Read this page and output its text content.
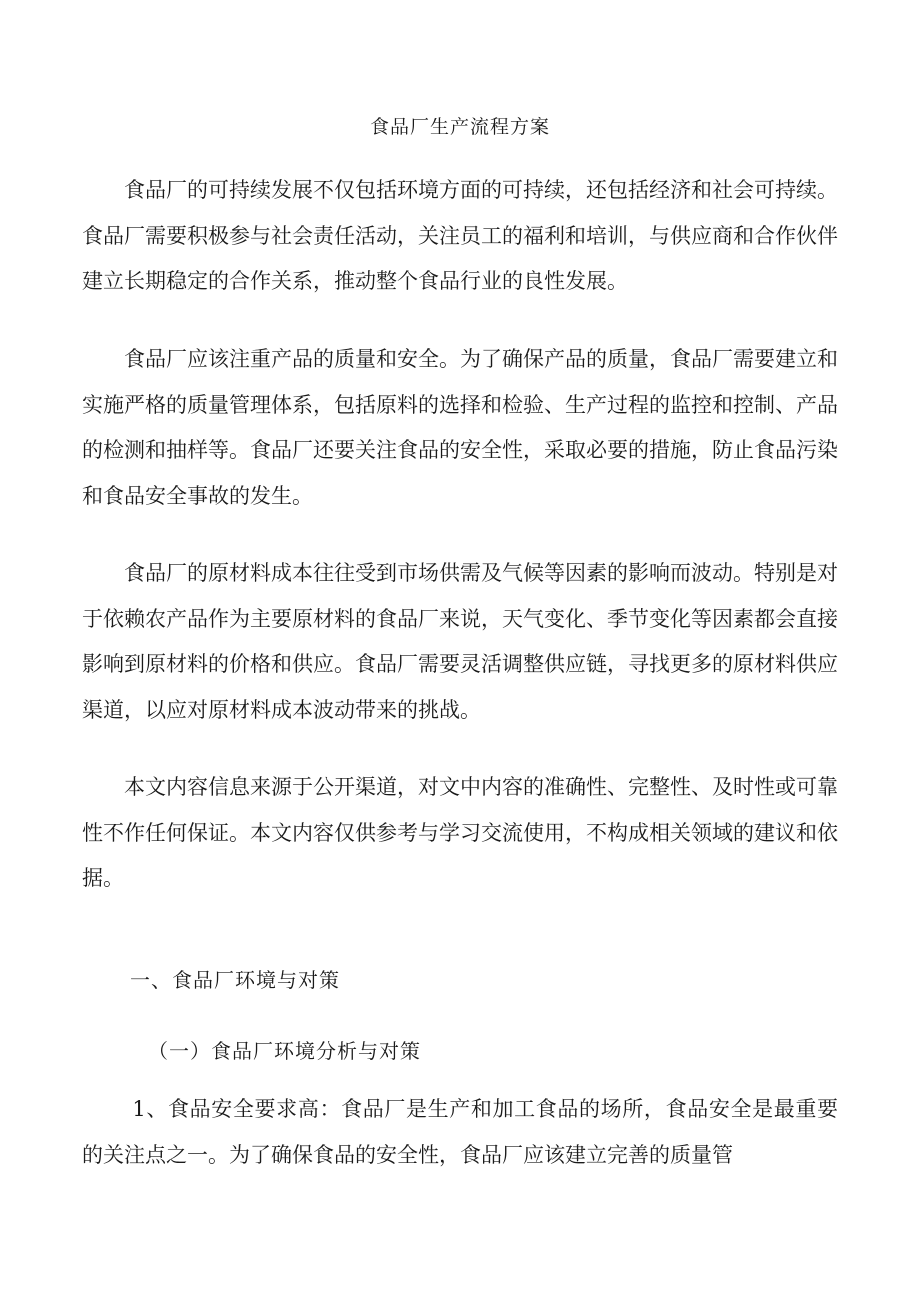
食品厂生产流程方案

食品厂的可持续发展不仅包括环境方面的可持续，还包括经济和社会可持续。食品厂需要积极参与社会责任活动，关注员工的福利和培训，与供应商和合作伙伴建立长期稳定的合作关系，推动整个食品行业的良性发展。

食品厂应该注重产品的质量和安全。为了确保产品的质量，食品厂需要建立和实施严格的质量管理体系，包括原料的选择和检验、生产过程的监控和控制、产品的检测和抽样等。食品厂还要关注食品的安全性，采取必要的措施，防止食品污染和食品安全事故的发生。

食品厂的原材料成本往往受到市场供需及气候等因素的影响而波动。特别是对于依赖农产品作为主要原材料的食品厂来说，天气变化、季节变化等因素都会直接影响到原材料的价格和供应。食品厂需要灵活调整供应链，寻找更多的原材料供应渠道，以应对原材料成本波动带来的挑战。

本文内容信息来源于公开渠道，对文中内容的准确性、完整性、及时性或可靠性不作任何保证。本文内容仅供参考与学习交流使用，不构成相关领域的建议和依据。

一、食品厂环境与对策
（一）食品厂环境分析与对策

1、食品安全要求高：食品厂是生产和加工食品的场所，食品安全是最重要的关注点之一。为了确保食品的安全性，食品厂应该建立完善的质量管
